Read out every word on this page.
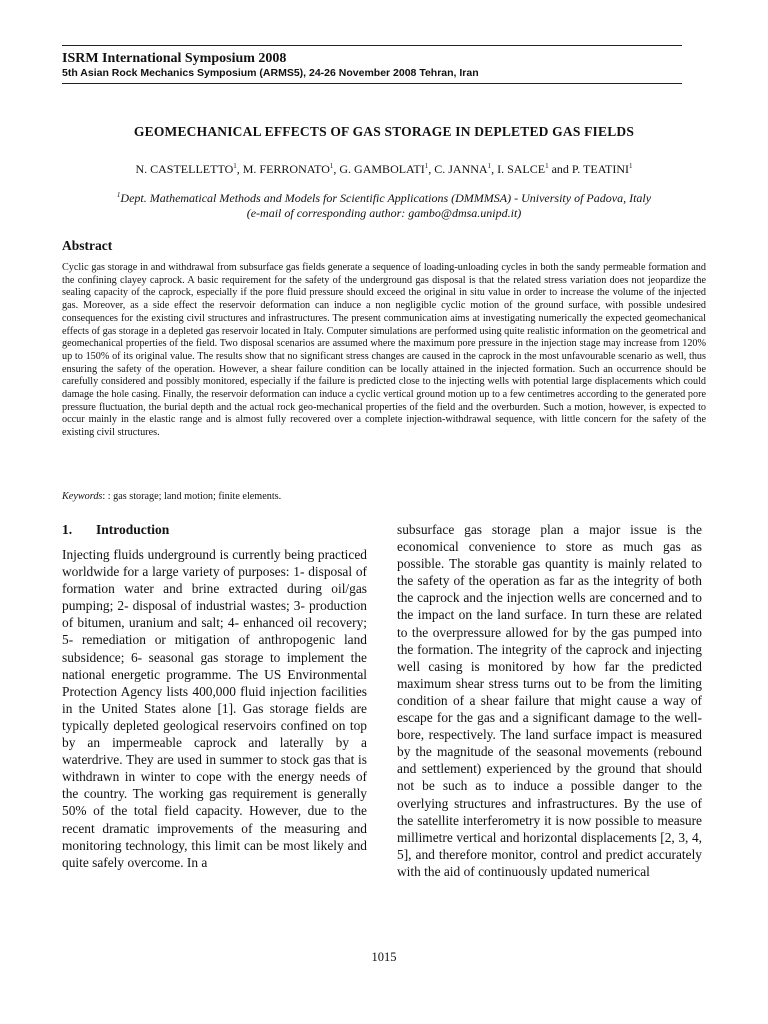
ISRM International Symposium 2008
5th Asian Rock Mechanics Symposium (ARMS5), 24-26 November 2008 Tehran, Iran
GEOMECHANICAL EFFECTS OF GAS STORAGE IN DEPLETED GAS FIELDS
N. CASTELLETTO$^1$, M. FERRONATO$^1$, G. GAMBOLATI$^1$, C. JANNA$^1$, I. SALCE$^1$ and P. TEATINI$^1$
$^1$Dept. Mathematical Methods and Models for Scientific Applications (DMMMSA) - University of Padova, Italy
(e-mail of corresponding author: gambo@dmsa.unipd.it)
Abstract
Cyclic gas storage in and withdrawal from subsurface gas fields generate a sequence of loading-unloading cycles in both the sandy permeable formation and the confining clayey caprock. A basic requirement for the safety of the underground gas disposal is that the related stress variation does not jeopardize the sealing capacity of the caprock, especially if the pore fluid pressure should exceed the original in situ value in order to increase the volume of the injected gas. Moreover, as a side effect the reservoir deformation can induce a non negligible cyclic motion of the ground surface, with possible undesired consequences for the existing civil structures and infrastructures. The present communication aims at investigating numerically the expected geomechanical effects of gas storage in a depleted gas reservoir located in Italy. Computer simulations are performed using quite realistic information on the geometrical and geomechanical properties of the field. Two disposal scenarios are assumed where the maximum pore pressure in the injection stage may increase from 120% up to 150% of its original value. The results show that no significant stress changes are caused in the caprock in the most unfavourable scenario as well, thus ensuring the safety of the operation. However, a shear failure condition can be locally attained in the injected formation. Such an occurrence should be carefully considered and possibly monitored, especially if the failure is predicted close to the injecting wells with potential large displacements which could damage the hole casing. Finally, the reservoir deformation can induce a cyclic vertical ground motion up to a few centimetres according to the generated pore pressure fluctuation, the burial depth and the actual rock geo-mechanical properties of the field and the overburden. Such a motion, however, is expected to occur mainly in the elastic range and is almost fully recovered over a complete injection-withdrawal sequence, with little concern for the safety of the existing civil structures.
Keywords: : gas storage; land motion; finite elements.
1. Introduction
Injecting fluids underground is currently being practiced worldwide for a large variety of purposes: 1- disposal of formation water and brine extracted during oil/gas pumping; 2- disposal of industrial wastes; 3- production of bitumen, uranium and salt; 4- enhanced oil recovery; 5- remediation or mitigation of anthropogenic land subsidence; 6- seasonal gas storage to implement the national energetic programme. The US Environmental Protection Agency lists 400,000 fluid injection facilities in the United States alone [1]. Gas storage fields are typically depleted geological reservoirs confined on top by an impermeable caprock and laterally by a waterdrive. They are used in summer to stock gas that is withdrawn in winter to cope with the energy needs of the country. The working gas requirement is generally 50% of the total field capacity. However, due to the recent dramatic improvements of the measuring and monitoring technology, this limit can be most likely and quite safely overcome. In a
subsurface gas storage plan a major issue is the economical convenience to store as much gas as possible. The storable gas quantity is mainly related to the safety of the operation as far as the integrity of both the caprock and the injection wells are concerned and to the impact on the land surface. In turn these are related to the overpressure allowed for by the gas pumped into the formation. The integrity of the caprock and injecting well casing is monitored by how far the predicted maximum shear stress turns out to be from the limiting condition of a shear failure that might cause a way of escape for the gas and a significant damage to the well-bore, respectively. The land surface impact is measured by the magnitude of the seasonal movements (rebound and settlement) experienced by the ground that should not be such as to induce a possible danger to the overlying structures and infrastructures. By the use of the satellite interferometry it is now possible to measure millimetre vertical and horizontal displacements [2, 3, 4, 5], and therefore monitor, control and predict accurately with the aid of continuously updated numerical
1015
